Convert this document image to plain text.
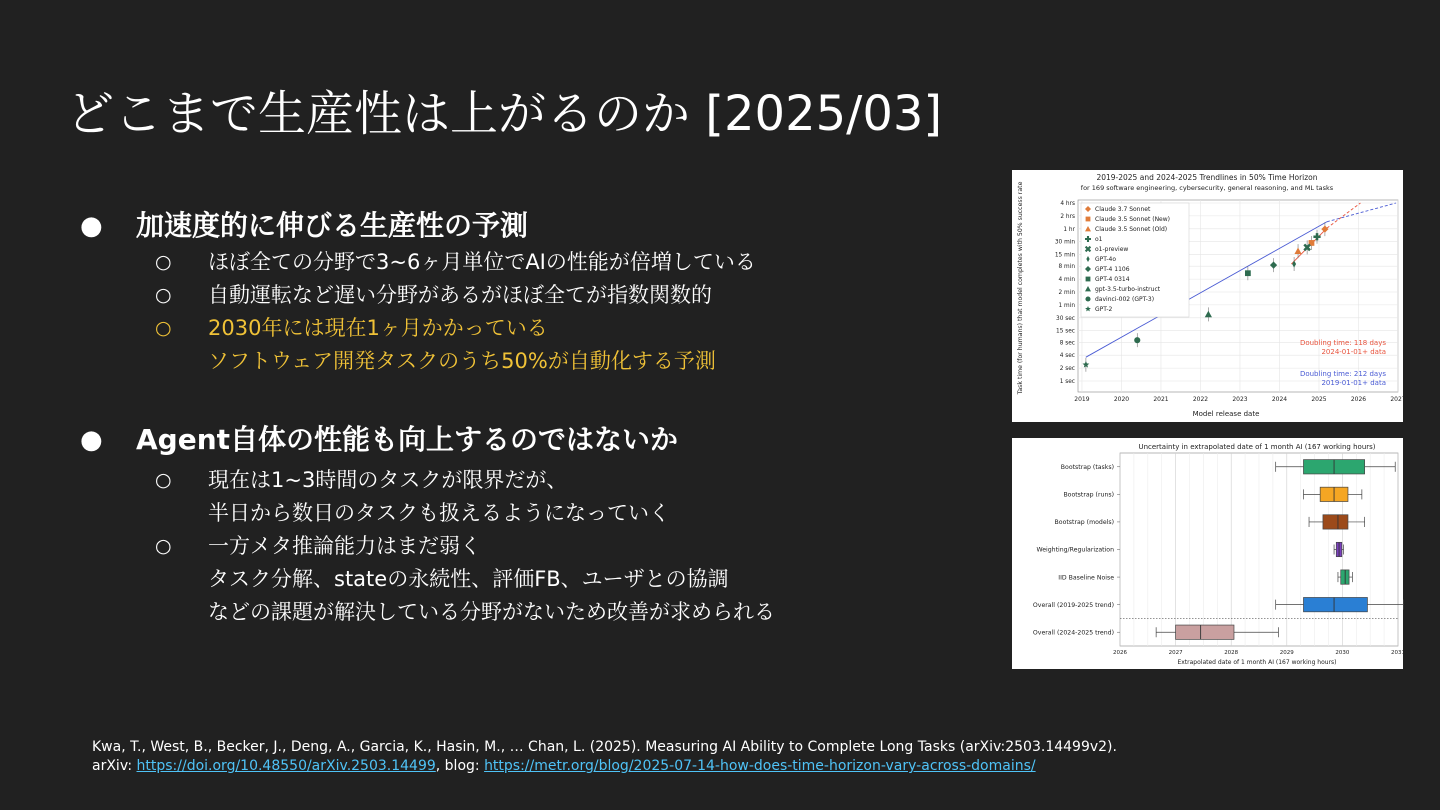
どこまで生産性は上がるのか [2025/03]
● 加速度的に伸びる生産性の予測
○ ほぼ全ての分野で3~6ヶ月単位でAIの性能が倍増している
○ 自動運転など遅い分野があるがほぼ全てが指数関数的
○ 2030年には現在1ヶ月かかっている
ソフトウェア開発タスクのうち50%が自動化する予測
● Agent自体の性能も向上するのではないか
○ 現在は1~3時間のタスクが限界だが、
半日から数日のタスクも扱えるようになっていく
○ 一方メタ推論能力はまだ弱く
タスク分解、stateの永続性、評価FB、ユーザとの協調
などの課題が解決している分野がないため改善が求められる
2019-2025 and 2024-2025 Trendlines in 50% Time Horizon
for 169 software engineering, cybersecurity, general reasoning, and ML tasks
Task time (for humans) that model completes with 50% success rate
Model release date
2019	2020	2021	2022	2023	2024	2025	2026	2027
1 sec
2 sec
4 sec
8 sec
15 sec
30 sec
1 min
2 min
4 min
8 min
15 min
30 min
1 hr
2 hrs
4 hrs
Claude 3.7 Sonnet
Claude 3.5 Sonnet (New)
Claude 3.5 Sonnet (Old)
o1
o1-preview
GPT-4o
GPT-4 1106
GPT-4 0314
gpt-3.5-turbo-instruct
davinci-002 (GPT-3)
GPT-2
Doubling time: 118 days
2024-01-01+ data
Doubling time: 212 days
2019-01-01+ data
Uncertainty in extrapolated date of 1 month AI (167 working hours)
Extrapolated date of 1 month AI (167 working hours)
Bootstrap (tasks)
Bootstrap (runs)
Bootstrap (models)
Weighting/Regularization
IID Baseline Noise
Overall (2019-2025 trend)
Overall (2024-2025 trend)
2026	2027	2028	2029	2030	2031
Kwa, T., West, B., Becker, J., Deng, A., Garcia, K., Hasin, M., … Chan, L. (2025). Measuring AI Ability to Complete Long Tasks (arXiv:2503.14499v2).
arXiv: https://doi.org/10.48550/arXiv.2503.14499, blog: https://metr.org/blog/2025-07-14-how-does-time-horizon-vary-across-domains/
